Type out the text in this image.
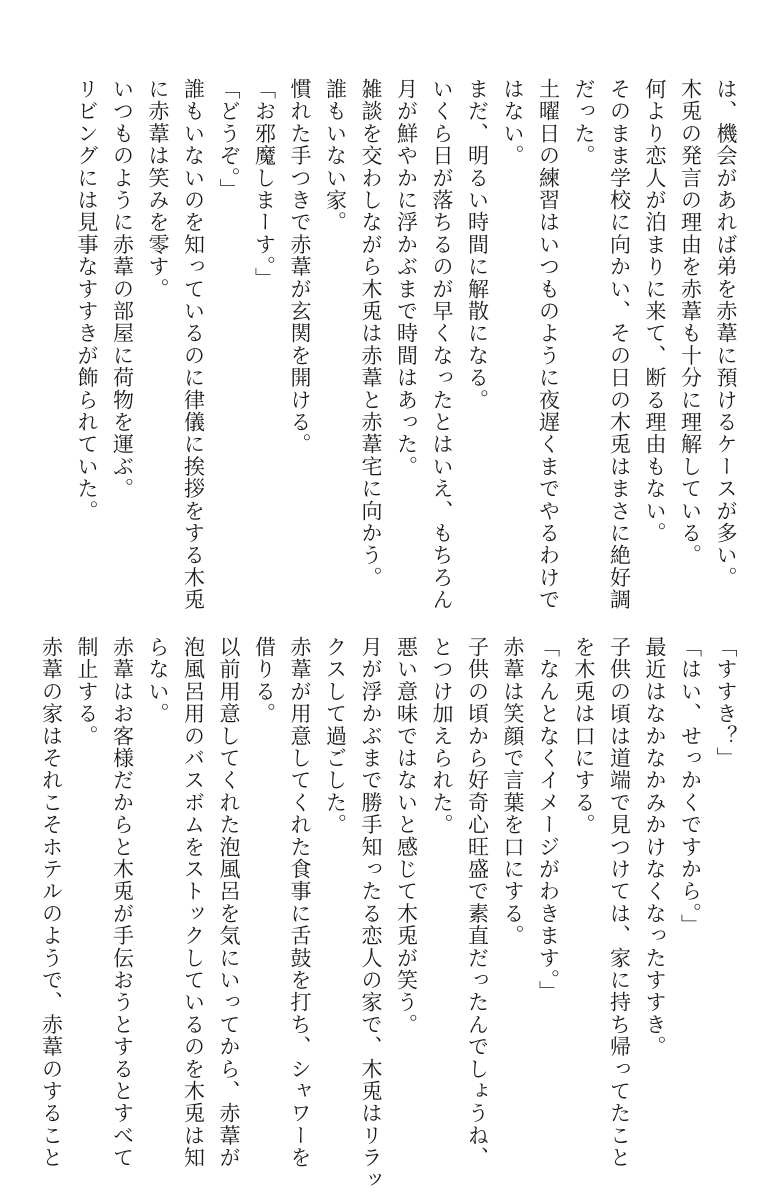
は、機会があれば弟を赤葦に預けるケースが多い。
木兎の発言の理由を赤葦も十分に理解している。
何より恋人が泊まりに来て、断る理由もない。
そのまま学校に向かい、その日の木兎はまさに絶好調
だった。
土曜日の練習はいつものように夜遅くまでやるわけで
はない。
まだ、明るい時間に解散になる。
いくら日が落ちるのが早くなったとはいえ、もちろん
月が鮮やかに浮かぶまで時間はあった。
雑談を交わしながら木兎は赤葦と赤葦宅に向かう。
誰もいない家。
慣れた手つきで赤葦が玄関を開ける。
「お邪魔しまーす。」
「どうぞ。」
誰もいないのを知っているのに律儀に挨拶をする木兎
に赤葦は笑みを零す。
いつものように赤葦の部屋に荷物を運ぶ。
リビングには見事なすすきが飾られていた。
「すすき？」
「はい、せっかくですから。」
最近はなかなかみかけなくなったすすき。
子供の頃は道端で見つけては、家に持ち帰ってたこと
を木兎は口にする。
「なんとなくイメージがわきます。」
赤葦は笑顔で言葉を口にする。
子供の頃から好奇心旺盛で素直だったんでしょうね、
とつけ加えられた。
悪い意味ではないと感じて木兎が笑う。
月が浮かぶまで勝手知ったる恋人の家で、木兎はリラッ
クスして過ごした。
赤葦が用意してくれた食事に舌鼓を打ち、シャワーを
借りる。
以前用意してくれた泡風呂を気にいってから、赤葦が
泡風呂用のバスボムをストックしているのを木兎は知
らない。
赤葦はお客様だからと木兎が手伝おうとするとすべて
制止する。
赤葦の家はそれこそホテルのようで、赤葦のすること
